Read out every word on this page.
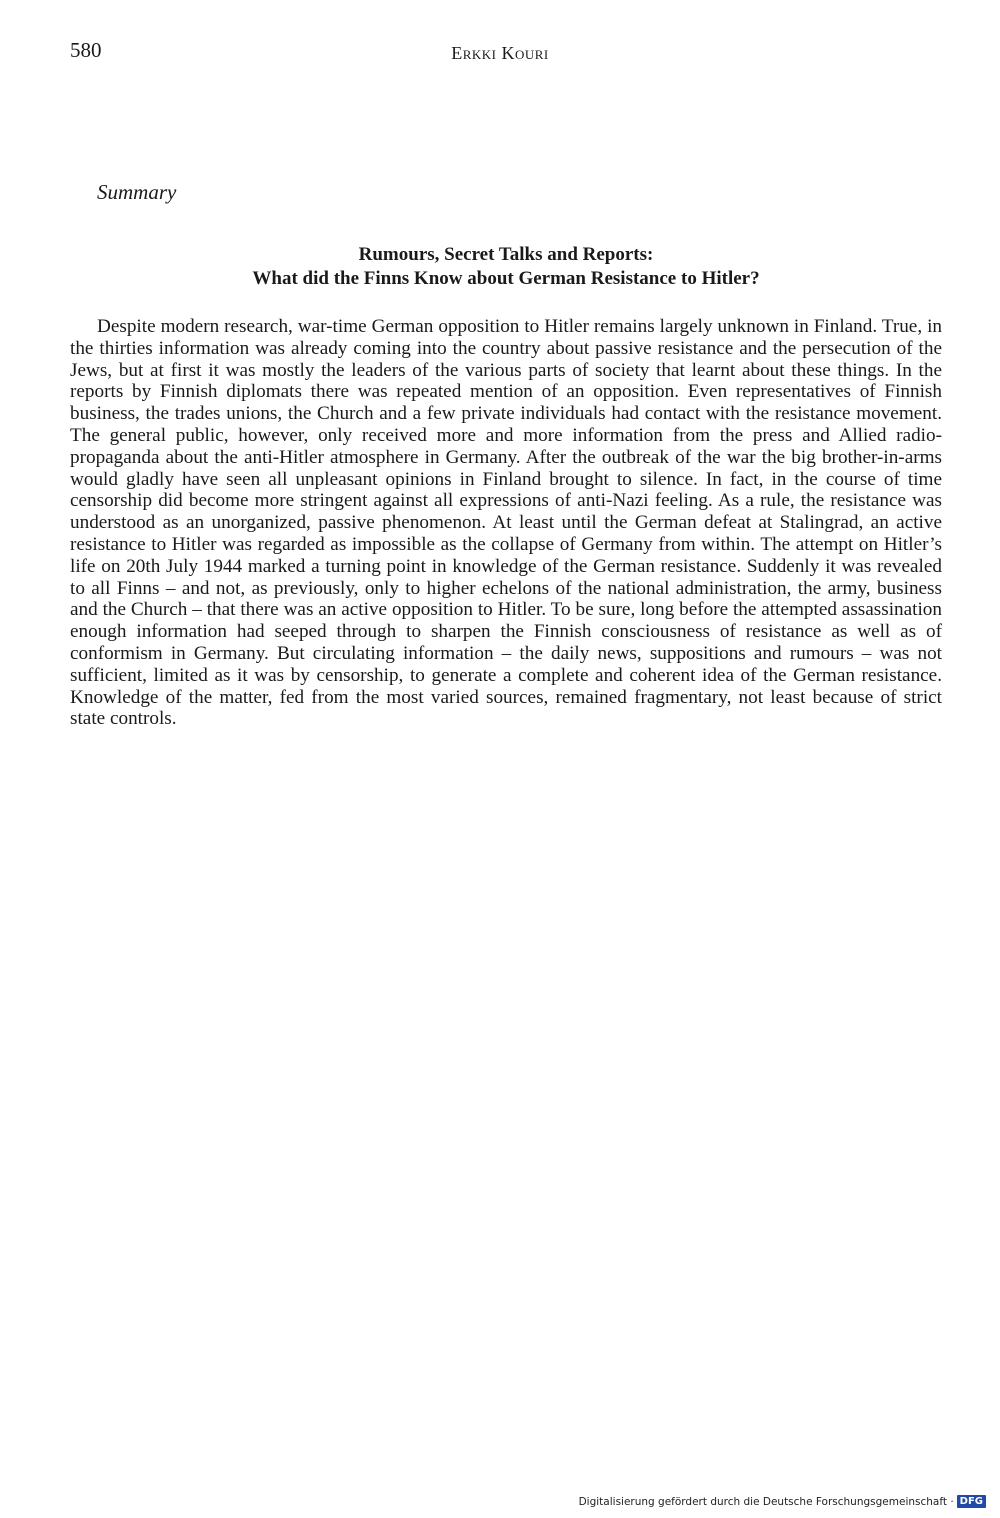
580	Erkki Kouri
Summary
Rumours, Secret Talks and Reports:
What did the Finns Know about German Resistance to Hitler?

Despite modern research, war-time German opposition to Hitler remains largely unknown in Finland. True, in the thirties information was already coming into the country about passive resistance and the persecution of the Jews, but at first it was mostly the leaders of the various parts of society that learnt about these things. In the reports by Finnish diplomats there was repeated mention of an opposition. Even representatives of Finnish business, the trades unions, the Church and a few private individuals had contact with the resistance movement. The general public, however, only received more and more information from the press and Allied radio-propaganda about the anti-Hitler atmosphere in Germany. After the outbreak of the war the big brother-in-arms would gladly have seen all unpleasant opinions in Finland brought to silence. In fact, in the course of time censorship did become more stringent against all expressions of anti-Nazi feeling. As a rule, the resistance was understood as an unorganized, passive phenomenon. At least until the German defeat at Stalingrad, an active resistance to Hitler was regarded as impossible as the collapse of Germany from within. The attempt on Hitler’s life on 20th July 1944 marked a turning point in knowledge of the German resistance. Suddenly it was revealed to all Finns – and not, as previously, only to higher echelons of the national administration, the army, business and the Church – that there was an active opposition to Hitler. To be sure, long before the attempted assassination enough information had seeped through to sharpen the Finnish consciousness of resistance as well as of conformism in Germany. But circulating information – the daily news, suppositions and rumours – was not sufficient, limited as it was by censorship, to generate a complete and coherent idea of the German resistance. Knowledge of the matter, fed from the most varied sources, remained fragmentary, not least because of strict state controls.

Digitalisierung gefördert durch die Deutsche Forschungsgemeinschaft · DFG
